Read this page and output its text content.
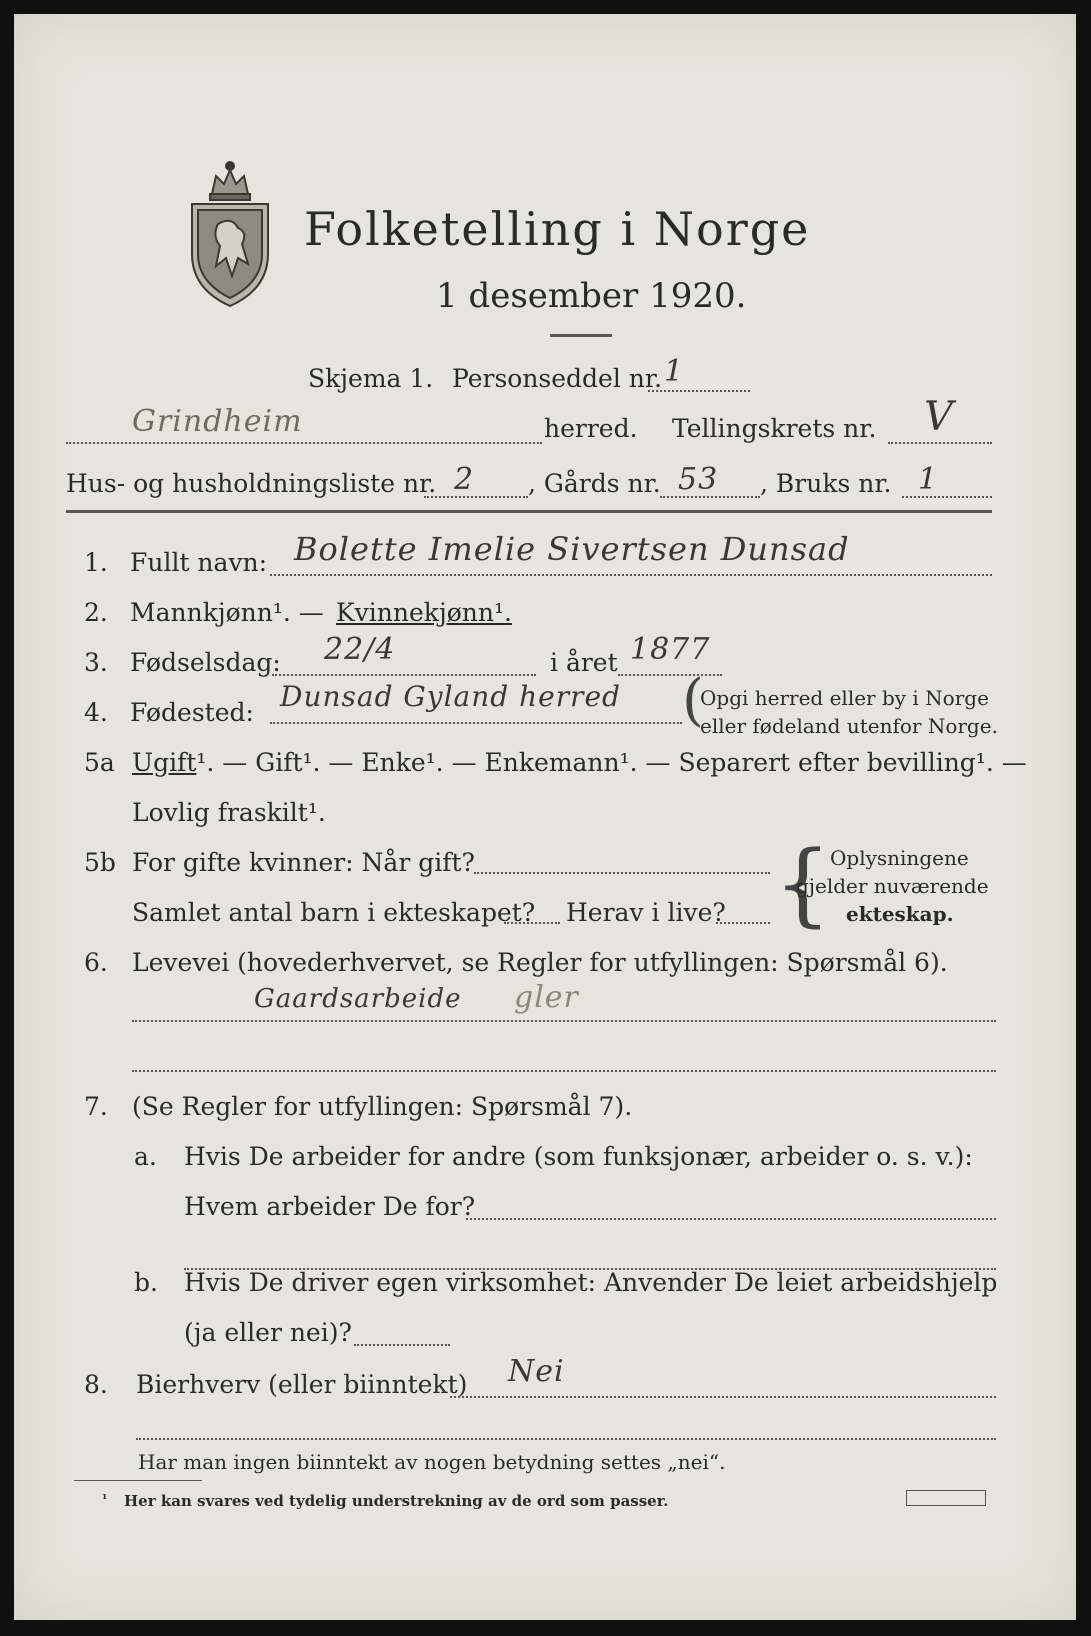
Folketelling i Norge
1 desember 1920.
Skjema 1. Personseddel nr. 1
Grindheim	herred. Tellingskrets nr. V
Hus- og husholdningsliste nr. 2 , Gårds nr. 53 , Bruks nr. 1
1. Fullt navn: Bolette Imelie Sivertsen Dunsad
2. Mannkjønn¹. — Kvinnekjønn¹.
3. Fødselsdag: 22/4	i året 1877
4. Fødested: Dunsad Gyland herred (
Opgi herred eller by i Norge
eller fødeland utenfor Norge.
5a Ugift¹. — Gift¹. — Enke¹. — Enkemann¹. — Separert efter bevilling¹. —
Lovlig fraskilt¹.
5b For gifte kvinner: Når gift?
Samlet antal barn i ekteskapet? Herav i live? {
Oplysningene
gjelder nuværende
ekteskap.
6. Levevei (hovederhvervet, se Regler for utfyllingen: Spørsmål 6).
Gaardsarbeide gler
7. (Se Regler for utfyllingen: Spørsmål 7).
a. Hvis De arbeider for andre (som funksjonær, arbeider o. s. v.):
Hvem arbeider De for?
b. Hvis De driver egen virksomhet: Anvender De leiet arbeidshjelp
(ja eller nei)?
8. Bierhverv (eller biinntekt) Nei
Har man ingen biinntekt av nogen betydning settes „nei“.
¹ Her kan svares ved tydelig understrekning av de ord som passer.
